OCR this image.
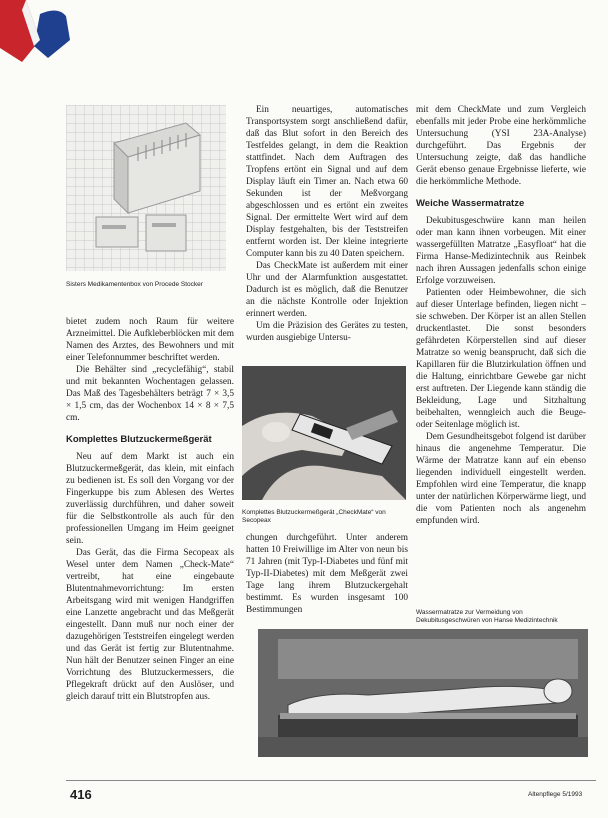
Sisters Medikamentenbox von Procede Stocker

bietet zudem noch Raum für weitere Arzneimittel. Die Aufkleberblöcken mit dem Namen des Arztes, des Bewohners und mit einer Telefonnummer beschriftet werden.

Die Behälter sind „recyclefähig“, stabil und mit bekannten Wochentagen gelassen. Das Maß des Tagesbehälters beträgt 7 × 3,5 × 1,5 cm, das der Wochenbox 14 × 8 × 7,5 cm.

Komplettes Blutzuckermeßgerät

Neu auf dem Markt ist auch ein Blutzuckermeßgerät, das klein, mit einfach zu bedienen ist. Es soll den Vorgang vor der Fingerkuppe bis zum Ablesen des Wertes zuverlässig durchführen, und daher soweit für die Selbstkontrolle als auch für den professionellen Umgang im Heim geeignet sein.

Das Gerät, das die Firma Secopeax als Wesel unter dem Namen „Check-Mate“ vertreibt, hat eine eingebaute Blutentnahmevorrichtung: Im ersten Arbeitsgang wird mit wenigen Handgriffen eine Lanzette angebracht und das Meßgerät eingestellt. Dann muß nur noch einer der dazugehörigen Teststreifen eingelegt werden und das Gerät ist fertig zur Blutentnahme. Nun hält der Benutzer seinen Finger an eine Vorrichtung des Blutzuckermessers, die Pflegekraft drückt auf den Auslöser, und gleich darauf tritt ein Blutstropfen aus.

Ein neuartiges, automatisches Transportsystem sorgt anschließend dafür, daß das Blut sofort in den Bereich des Testfeldes gelangt, in dem die Reaktion stattfindet. Nach dem Auftragen des Tropfens ertönt ein Signal und auf dem Display läuft ein Timer an. Nach etwa 60 Sekunden ist der Meßvorgang abgeschlossen und es ertönt ein zweites Signal. Der ermittelte Wert wird auf dem Display festgehalten, bis der Teststreifen entfernt worden ist. Der kleine integrierte Computer kann bis zu 40 Daten speichern.

Das CheckMate ist außerdem mit einer Uhr und der Alarmfunktion ausgestattet. Dadurch ist es möglich, daß die Benutzer an die nächste Kontrolle oder Injektion erinnert werden.

Um die Präzision des Gerätes zu testen, wurden ausgiebige Untersu-

Komplettes Blutzuckermeßgerät „CheckMate“ von Secopeax

chungen durchgeführt. Unter anderem hatten 10 Freiwillige im Alter von neun bis 71 Jahren (mit Typ-I-Diabetes und fünf mit Typ-II-Diabetes) mit dem Meßgerät zwei Tage lang ihrem Blutzuckergehalt bestimmt. Es wurden insgesamt 100 Bestimmungen

mit dem CheckMate und zum Vergleich ebenfalls mit jeder Probe eine herkömmliche Untersuchung (YSI 23A-Analyse) durchgeführt. Das Ergebnis der Untersuchung zeigte, daß das handliche Gerät ebenso genaue Ergebnisse lieferte, wie die herkömmliche Methode.

Weiche Wassermatratze

Dekubitusgeschwüre kann man heilen oder man kann ihnen vorbeugen. Mit einer wassergefüllten Matratze „Easyfloat“ hat die Firma Hanse-Medizintechnik aus Reinbek nach ihren Aussagen jedenfalls schon einige Erfolge vorzuweisen.

Patienten oder Heimbewohner, die sich auf dieser Unterlage befinden, liegen nicht – sie schweben. Der Körper ist an allen Stellen druckentlastet. Die sonst besonders gefährdeten Körperstellen sind auf dieser Matratze so wenig beansprucht, daß sich die Kapillaren für die Blutzirkulation öffnen und die Haltung, einrichtbare Gewebe gar nicht erst auftreten. Der Liegende kann ständig die Bekleidung, Lage und Sitzhaltung beibehalten, wenngleich auch die Beuge- oder Seitenlage möglich ist.

Dem Gesundheitsgebot folgend ist darüber hinaus die angenehme Temperatur. Die Wärme der Matratze kann auf ein ebenso liegenden individuell eingestellt werden. Empfohlen wird eine Temperatur, die knapp unter der natürlichen Körperwärme liegt, und die vom Patienten noch als angenehm empfunden wird.

Wassermatratze zur Vermeidung von Dekubitusgeschwüren von Hanse Medizintechnik
416	Altenpflege 5/1993
